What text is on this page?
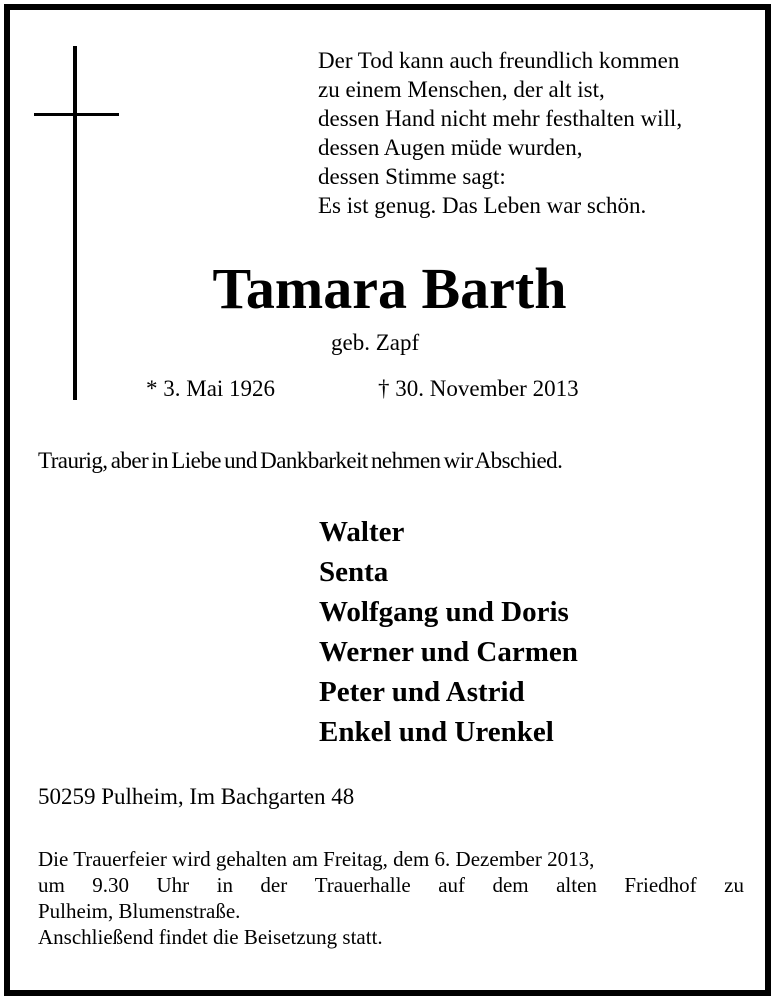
Der Tod kann auch freundlich kommen
zu einem Menschen, der alt ist,
dessen Hand nicht mehr festhalten will,
dessen Augen müde wurden,
dessen Stimme sagt:
Es ist genug. Das Leben war schön.
Tamara Barth
geb. Zapf
* 3. Mai 1926	† 30. November 2013
Traurig, aber in Liebe und Dankbarkeit nehmen wir Abschied.
Walter
Senta
Wolfgang und Doris
Werner und Carmen
Peter und Astrid
Enkel und Urenkel
50259 Pulheim, Im Bachgarten 48
Die Trauerfeier wird gehalten am Freitag, dem 6. Dezember 2013,
um 9.30 Uhr in der Trauerhalle auf dem alten Friedhof zu
Pulheim, Blumenstraße.
Anschließend findet die Beisetzung statt.
